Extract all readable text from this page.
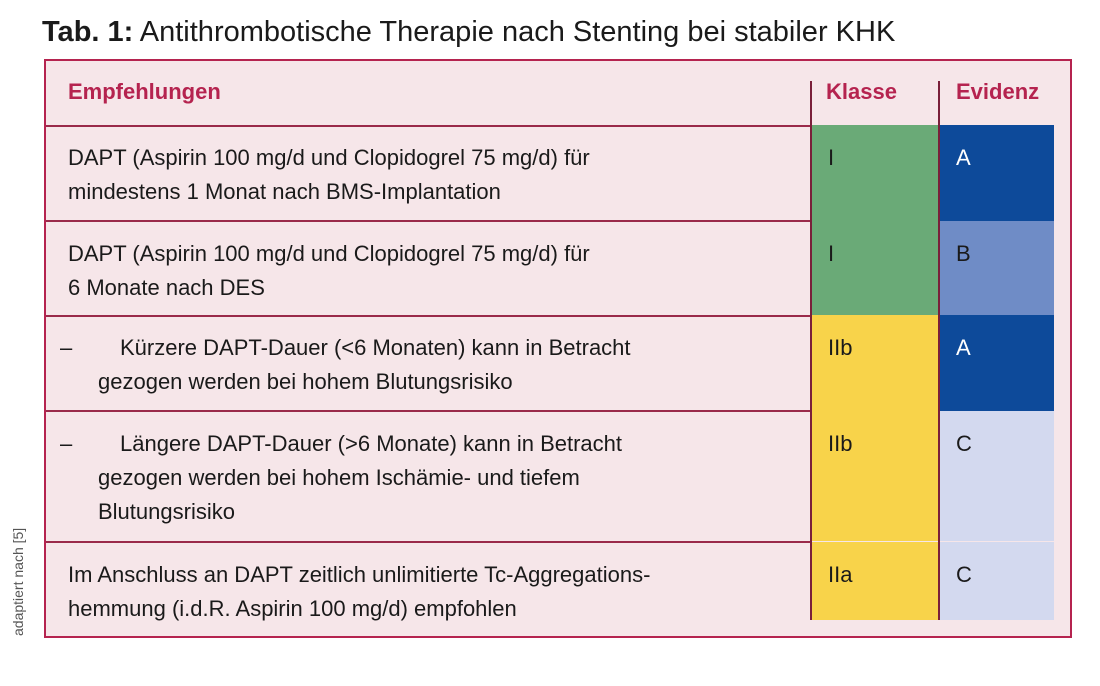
Tab. 1: Antithrombotische Therapie nach Stenting bei stabiler KHK
adaptiert nach [5]
Empfehlungen	Klasse	Evidenz
DAPT (Aspirin 100 mg/d und Clopidogrel 75 mg/d) für
mindestens 1 Monat nach BMS-Implantation
I	A
DAPT (Aspirin 100 mg/d und Clopidogrel 75 mg/d) für
6 Monate nach DES
I	B
– Kürzere DAPT-Dauer (<6 Monaten) kann in Betracht
gezogen werden bei hohem Blutungsrisiko
IIb	A
– Längere DAPT-Dauer (>6 Monate) kann in Betracht
gezogen werden bei hohem Ischämie- und tiefem
Blutungsrisiko
IIb	C
Im Anschluss an DAPT zeitlich unlimitierte Tc-Aggregations-
hemmung (i.d.R. Aspirin 100 mg/d) empfohlen
IIa	C
